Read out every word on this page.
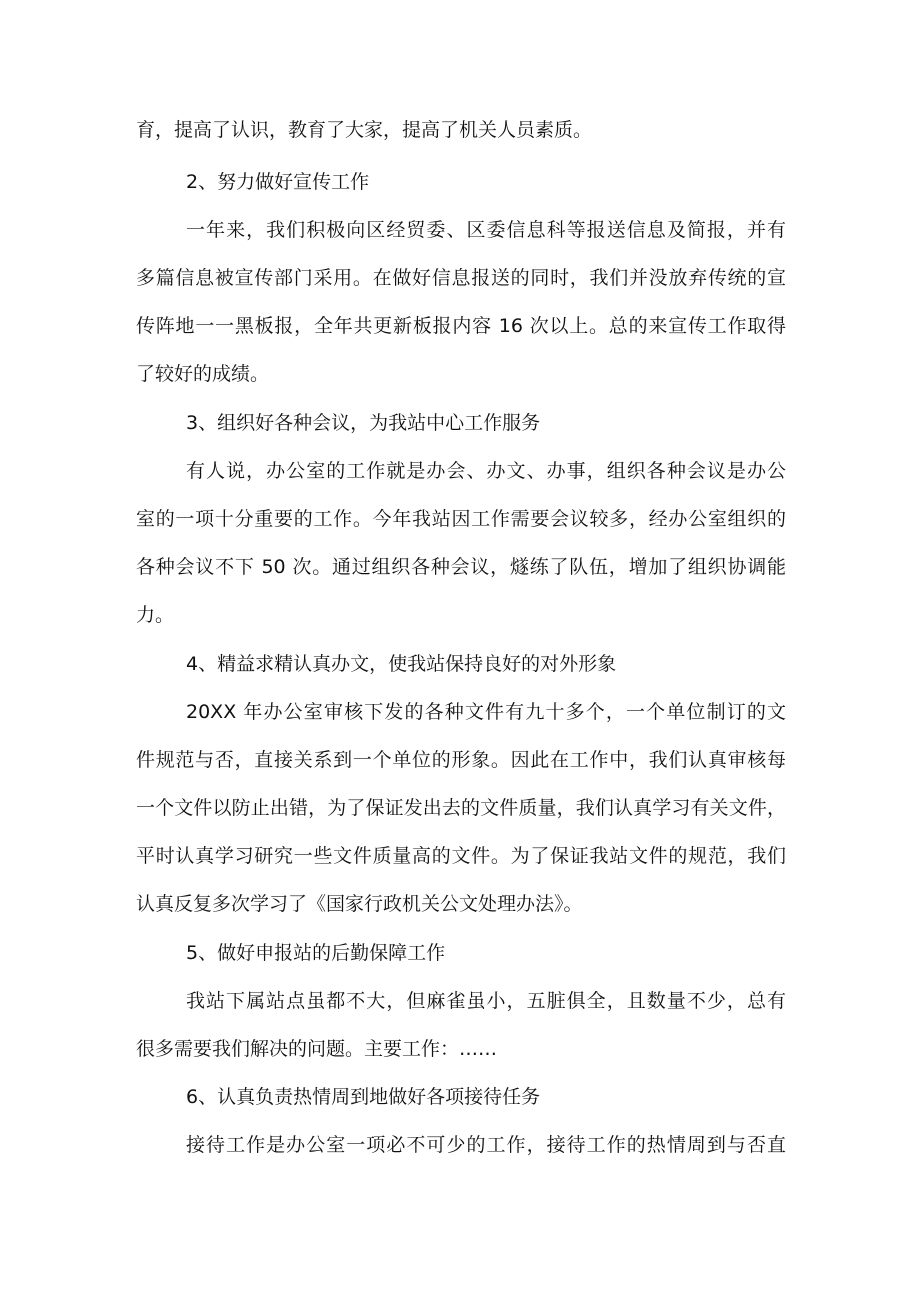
育，提高了认识，教育了大家，提高了机关人员素质。
2、努力做好宣传工作
一年来，我们积极向区经贸委、区委信息科等报送信息及简报，并有
多篇信息被宣传部门采用。在做好信息报送的同时，我们并没放弃传统的宣
传阵地一一黑板报，全年共更新板报内容 16 次以上。总的来宣传工作取得
了较好的成绩。
3、组织好各种会议，为我站中心工作服务
有人说，办公室的工作就是办会、办文、办事，组织各种会议是办公
室的一项十分重要的工作。今年我站因工作需要会议较多，经办公室组织的
各种会议不下 50 次。通过组织各种会议，燧练了队伍，增加了组织协调能
力。
4、精益求精认真办文，使我站保持良好的对外形象
20XX 年办公室审核下发的各种文件有九十多个，一个单位制订的文
件规范与否，直接关系到一个单位的形象。因此在工作中，我们认真审核每
一个文件以防止出错，为了保证发出去的文件质量，我们认真学习有关文件，
平时认真学习研究一些文件质量高的文件。为了保证我站文件的规范，我们
认真反复多次学习了《国家行政机关公文处理办法》。
5、做好申报站的后勤保障工作
我站下属站点虽都不大，但麻雀虽小，五脏俱全，且数量不少，总有
很多需要我们解决的问题。主要工作：……
6、认真负责热情周到地做好各项接待任务
接待工作是办公室一项必不可少的工作，接待工作的热情周到与否直
